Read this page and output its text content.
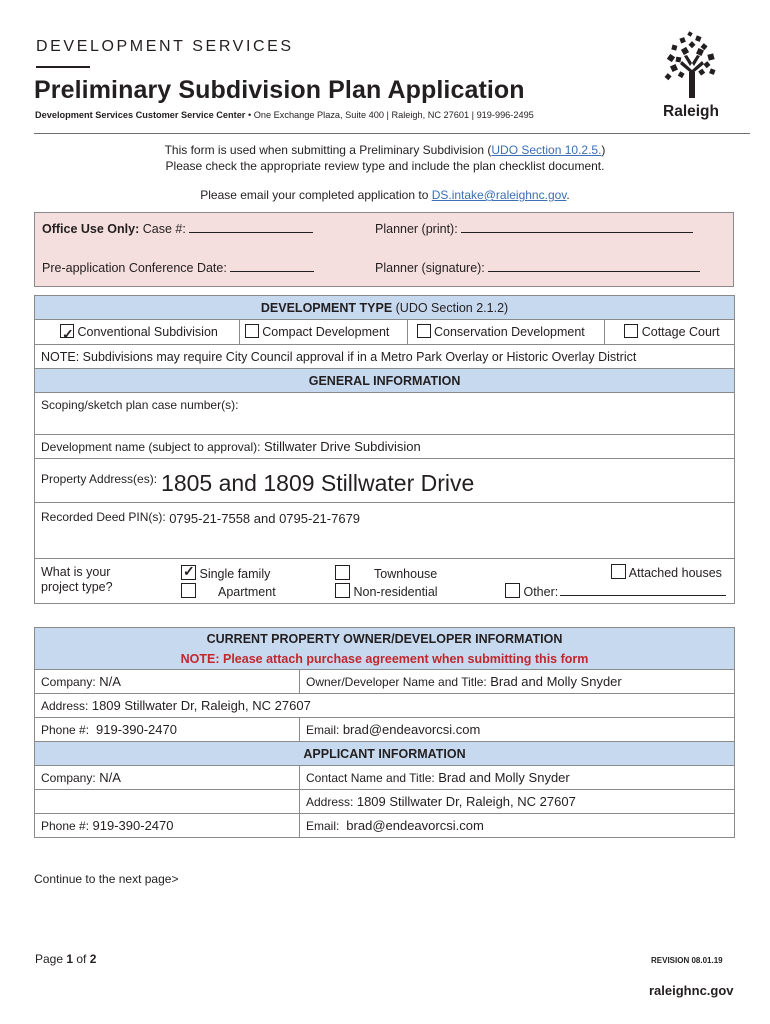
DEVELOPMENT SERVICES
Preliminary Subdivision Plan Application
Development Services Customer Service Center • One Exchange Plaza, Suite 400 | Raleigh, NC 27601 | 919-996-2495	Raleigh
This form is used when submitting a Preliminary Subdivision (UDO Section 10.2.5.)
Please check the appropriate review type and include the plan checklist document.
Please email your completed application to DS.intake@raleighnc.gov.
Office Use Only: Case #:	Planner (print):
Pre-application Conference Date:	Planner (signature):
DEVELOPMENT TYPE (UDO Section 2.1.2)

✓ Conventional Subdivision	Compact Development	Conservation Development	Cottage Court

NOTE: Subdivisions may require City Council approval if in a Metro Park Overlay or Historic Overlay District
GENERAL INFORMATION
Scoping/sketch plan case number(s):
Development name (subject to approval): Stillwater Drive Subdivision
Property Address(es): 1805 and 1809 Stillwater Drive
Recorded Deed PIN(s): 0795-21-7558 and 0795-21-7679

What is your
project type?
✓ Single family
Apartment
Townhouse
Non-residential
Attached houses
Other:
CURRENT PROPERTY OWNER/DEVELOPER INFORMATION
NOTE: Please attach purchase agreement when submitting this form	

Company: N/A	Owner/Developer Name and Title: Brad and Molly Snyder
Address: 1809 Stillwater Dr, Raleigh, NC 27607	
Phone #: 919-390-2470	Email: brad@endeavorcsi.com
APPLICANT INFORMATION	
Company: N/A	Contact Name and Title: Brad and Molly Snyder
	Address: 1809 Stillwater Dr, Raleigh, NC 27607
Phone #: 919-390-2470	Email: brad@endeavorcsi.com
Continue to the next page>
Page 1 of 2	REVISION 08.01.19
raleighnc.gov
